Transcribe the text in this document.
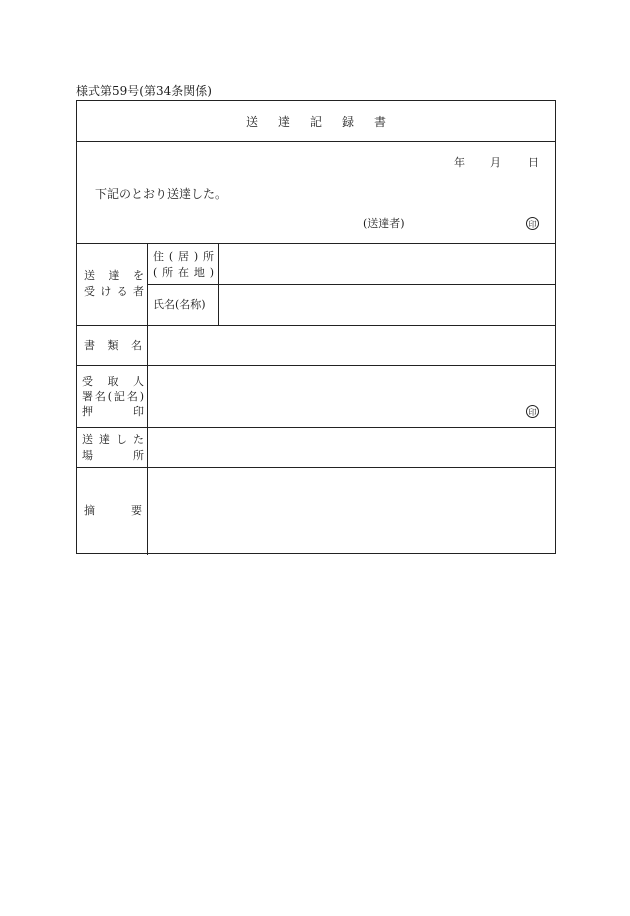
様式第59号(第34条関係)
送達記録書
年 月 日
下記のとおり送達した。
(送達者)	印
送達を
受ける者
住(居)所
(所在地)
氏名(名称)
書類名
受取人
署名(記名)
押印	印
送達した
場所
摘要
